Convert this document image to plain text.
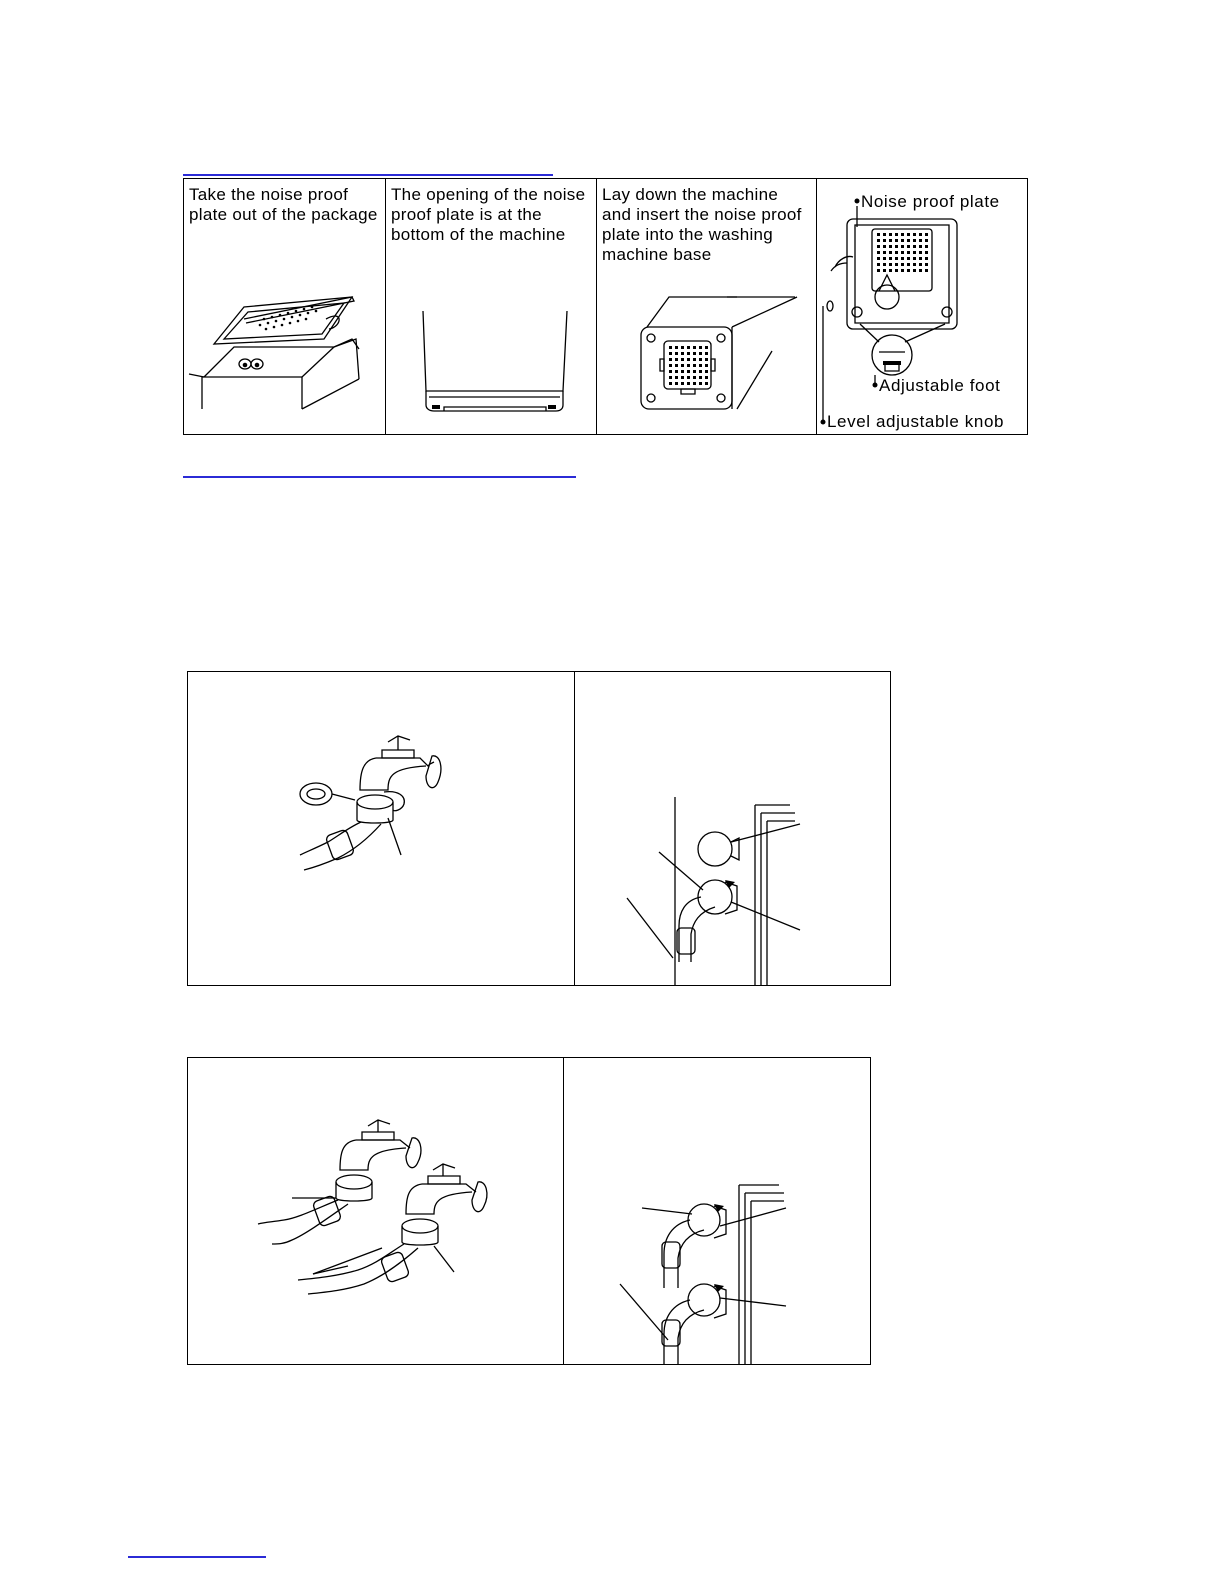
Take the noise proof plate out of the package
The opening of the noise proof plate is at the bottom of the machine
Lay down the machine and insert the noise proof plate into the washing machine base
Noise proof plate
Adjustable foot
Level adjustable knob
